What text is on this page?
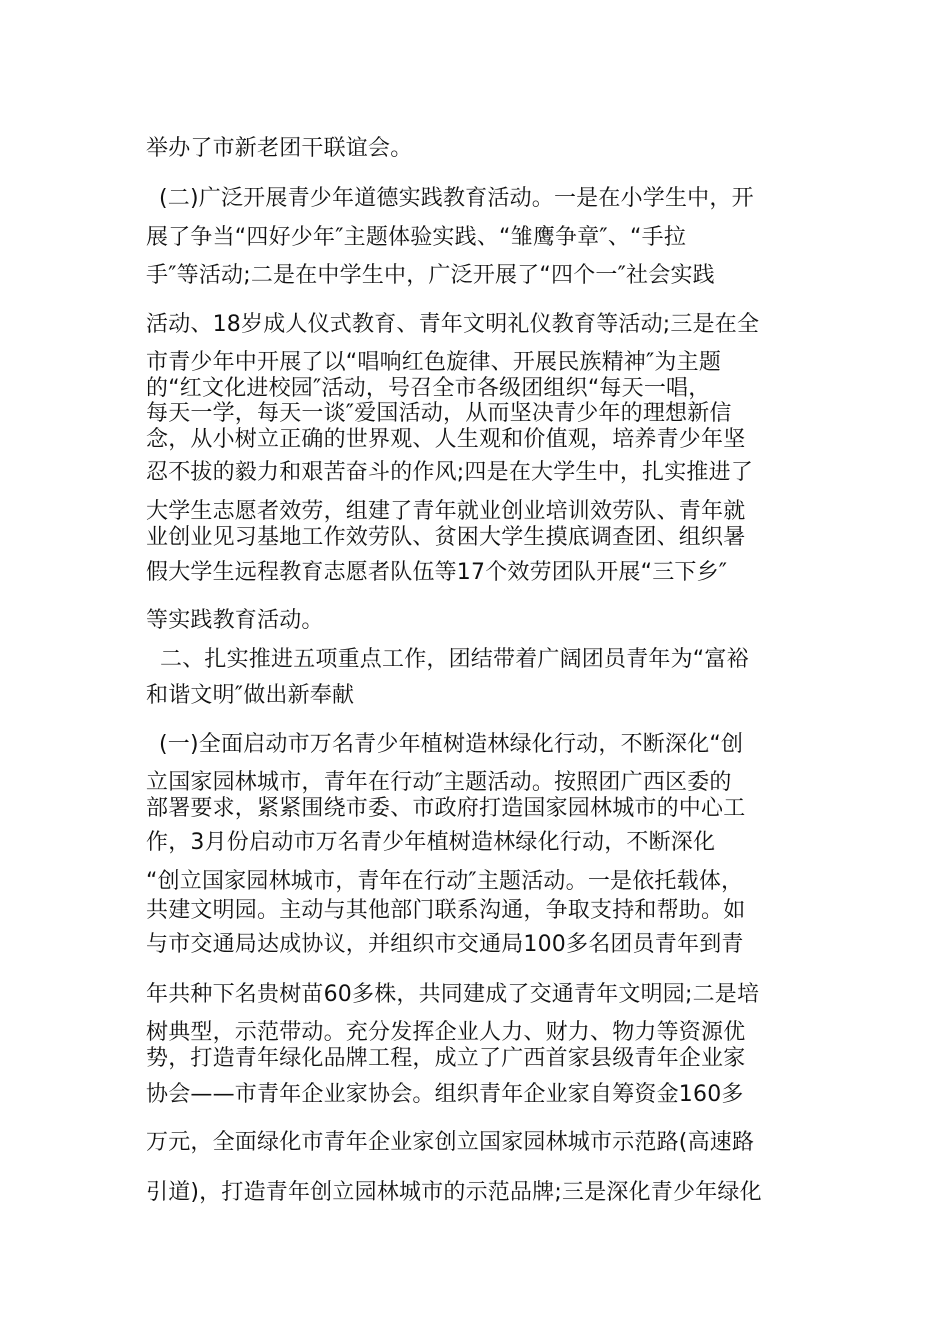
举办了市新老团干联谊会。
(二)广泛开展青少年道德实践教育活动。一是在小学生中，开
展了争当“四好少年″主题体验实践、“雏鹰争章″、“手拉
手″等活动;二是在中学生中，广泛开展了“四个一″社会实践
活动、18岁成人仪式教育、青年文明礼仪教育等活动;三是在全
市青少年中开展了以“唱响红色旋律、开展民族精神″为主题
的“红文化进校园″活动，号召全市各级团组织“每天一唱，
每天一学，每天一谈″爱国活动，从而坚决青少年的理想新信
念，从小树立正确的世界观、人生观和价值观，培养青少年坚
忍不拔的毅力和艰苦奋斗的作风;四是在大学生中，扎实推进了
大学生志愿者效劳，组建了青年就业创业培训效劳队、青年就
业创业见习基地工作效劳队、贫困大学生摸底调查团、组织暑
假大学生远程教育志愿者队伍等17个效劳团队开展“三下乡″
等实践教育活动。
二、扎实推进五项重点工作，团结带着广阔团员青年为“富裕
和谐文明″做出新奉献
(一)全面启动市万名青少年植树造林绿化行动，不断深化“创
立国家园林城市，青年在行动″主题活动。按照团广西区委的
部署要求，紧紧围绕市委、市政府打造国家园林城市的中心工
作，3月份启动市万名青少年植树造林绿化行动，不断深化
“创立国家园林城市，青年在行动″主题活动。一是依托载体，
共建文明园。主动与其他部门联系沟通，争取支持和帮助。如
与市交通局达成协议，并组织市交通局100多名团员青年到青
年共种下名贵树苗60多株，共同建成了交通青年文明园;二是培
树典型，示范带动。充分发挥企业人力、财力、物力等资源优
势，打造青年绿化品牌工程，成立了广西首家县级青年企业家
协会——市青年企业家协会。组织青年企业家自筹资金160多
万元，全面绿化市青年企业家创立国家园林城市示范路(高速路
引道)，打造青年创立园林城市的示范品牌;三是深化青少年绿化
